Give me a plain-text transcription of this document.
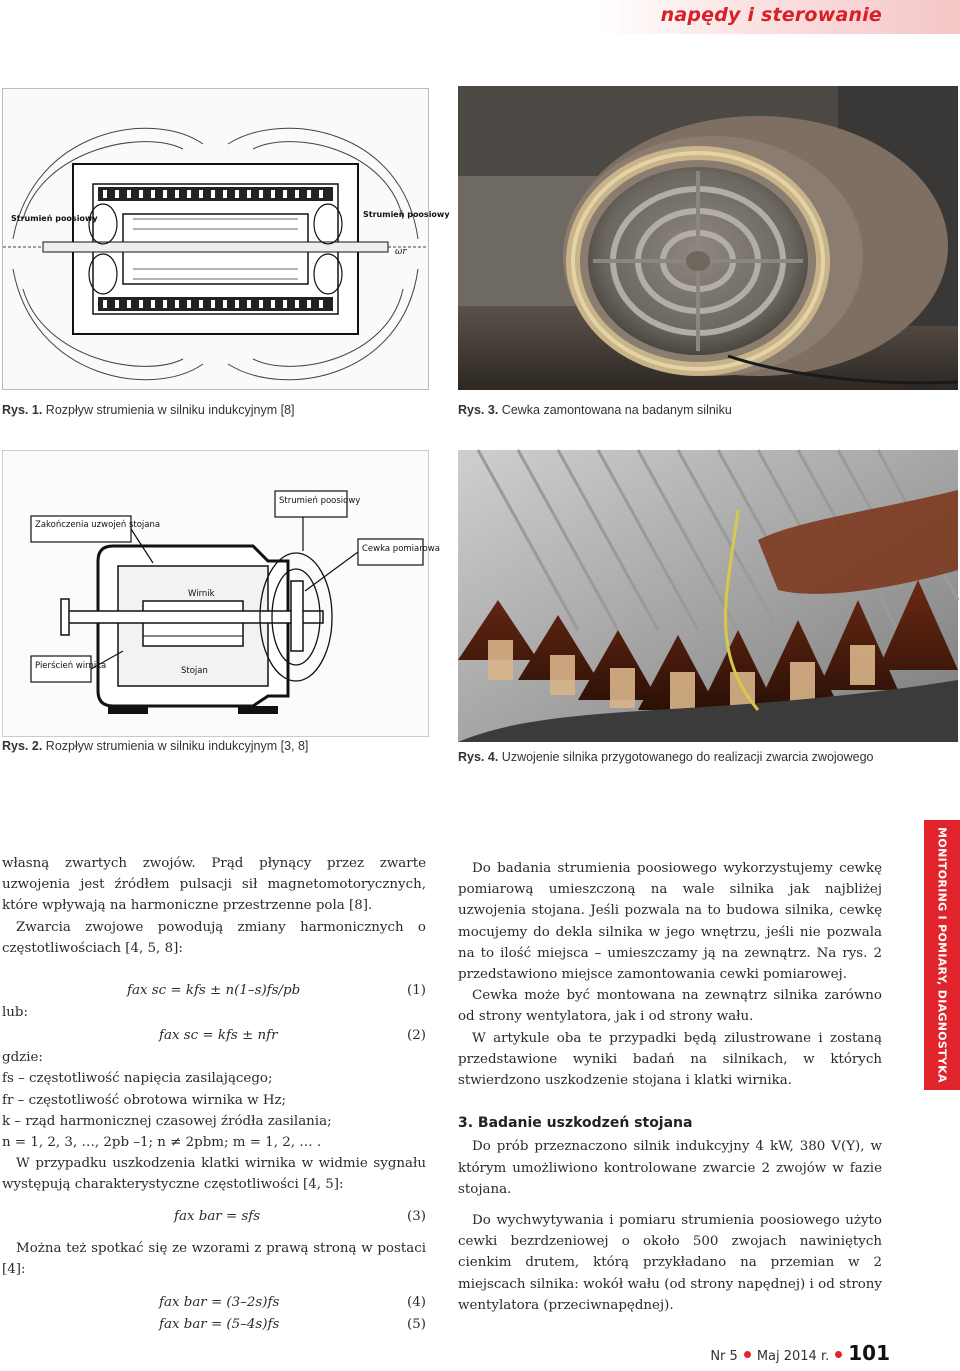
napędy i sterowanie
MONITORING I POMIARY, DIAGNOSTYKA
Strumień poosiowy	Strumień poosiowy
ωr
Rys. 1. Rozpływ strumienia w silniku indukcyjnym [8]	Rys. 3. Cewka zamontowana na badanym silniku
Zakończenia uzwojeń stojana
Strumień poosiowy
Cewka pomiarowa
Wirnik
Stojan
Pierścień wirnika
Rys. 2. Rozpływ strumienia w silniku indukcyjnym [3, 8]
Rys. 4. Uzwojenie silnika przygotowanego do realizacji zwarcia zwojowego

własną zwartych zwojów. Prąd płynący przez zwarte uzwojenia jest źródłem pulsacji sił magnetomotorycznych, które wpływają na harmoniczne przestrzenne pola [8].

Zwarcia zwojowe powodują zmiany harmonicznych o częstotliwościach [4, 5, 8]:

fax sc = kfs ± n(1–s)fs/pb	(1)

lub:

fax sc = kfs ± nfr	(2)

gdzie:

fs – częstotliwość napięcia zasilającego;

fr – częstotliwość obrotowa wirnika w Hz;

k – rząd harmonicznej czasowej źródła zasilania;

n = 1, 2, 3, …, 2pb –1; n ≠ 2pbm; m = 1, 2, … .

W przypadku uszkodzenia klatki wirnika w widmie sygnału występują charakterystyczne częstotliwości [4, 5]:

fax bar = sfs	(3)

Można też spotkać się ze wzorami z prawą stroną w postaci [4]:

fax bar = (3–2s)fs	(4)
fax bar = (5–4s)fs	(5)

Do badania strumienia poosiowego wykorzystujemy cewkę pomiarową umieszczoną na wale silnika jak najbliżej uzwojenia stojana. Jeśli pozwala na to budowa silnika, cewkę mocujemy do dekla silnika w jego wnętrzu, jeśli nie pozwala na to ilość miejsca – umieszczamy ją na zewnątrz. Na rys. 2 przedstawiono miejsce zamontowania cewki pomiarowej.

Cewka może być montowana na zewnątrz silnika zarówno od strony wentylatora, jak i od strony wału.

W artykule oba te przypadki będą zilustrowane i zostaną przedstawione wyniki badań na silnikach, w których stwierdzono uszkodzenie stojana i klatki wirnika.

3. Badanie uszkodzeń stojana

Do prób przeznaczono silnik indukcyjny 4 kW, 380 V(Y), w którym umożliwiono kontrolowane zwarcie 2 zwojów w fazie stojana.

Do wychwytywania i pomiaru strumienia poosiowego użyto cewki bezrdzeniowej o około 500 zwojach nawiniętych cienkim drutem, którą przykładano na przemian w 2 miejscach silnika: wokół wału (od strony napędnej) i od strony wentylatora (przeciwnapędnej).

Nr 5 Maj 2014 r. 101
